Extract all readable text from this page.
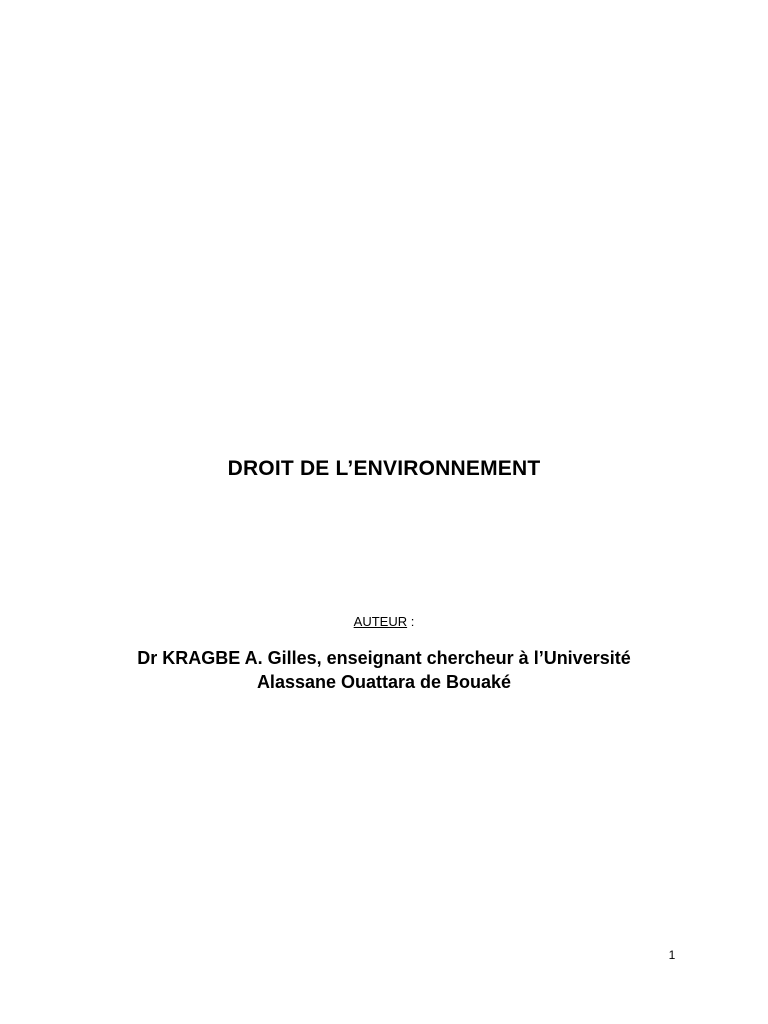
DROIT DE L’ENVIRONNEMENT
AUTEUR :
Dr KRAGBE A. Gilles, enseignant chercheur à l’Université
Alassane Ouattara de Bouaké
1
